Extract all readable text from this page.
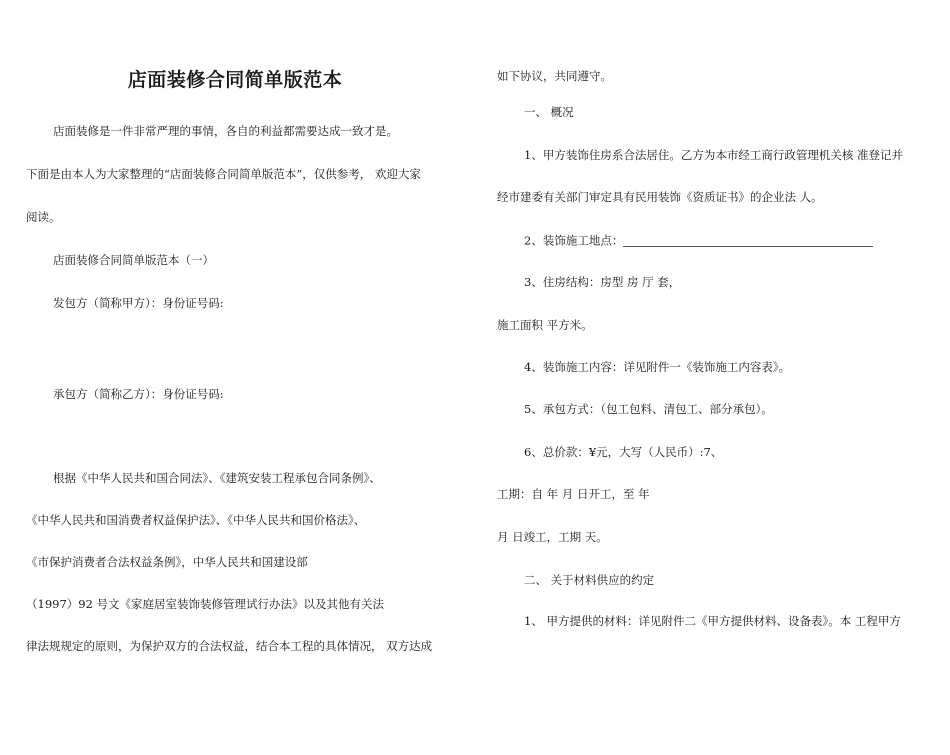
店面装修合同简单版范本
店面装修是一件非常严理的事情，各自的利益都需要达成一致才是。
下面是由本人为大家整理的“店面装修合同简单版范本”，仅供参考， 欢迎大家
阅读。
店面装修合同简单版范本（一）
发包方（简称甲方）：身份证号码:
承包方（简称乙方）：身份证号码:
根据《中华人民共和国合同法》、《建筑安装工程承包合同条例》、
《中华人民共和国消费者权益保护法》、《中华人民共和国价格法》、
《市保护消费者合法权益条例》，中华人民共和国建设部
（1997）92 号文《家庭居室装饰装修管理试行办法》以及其他有关法
律法规规定的原则，为保护双方的合法权益，结合本工程的具体情况， 双方达成
如下协议，共同遵守。
一、 概况
1、甲方装饰住房系合法居住。乙方为本市经工商行政管理机关核 准登记并
经市建委有关部门审定具有民用装饰《资质证书》的企业法 人。
2、装饰施工地点：
3、住房结构：房型 房 厅 套，
施工面积 平方米。
4、装饰施工内容：详见附件一《装饰施工内容表》。
5、承包方式：（包工包料、清包工、部分承包）。
6、总价款：¥元，大写（人民币）:7、
工期：自 年 月 日开工，至 年
月 日竣工，工期 天。
二、 关于材料供应的约定
1、 甲方提供的材料：详见附件二《甲方提供材料、设备表》。本 工程甲方
